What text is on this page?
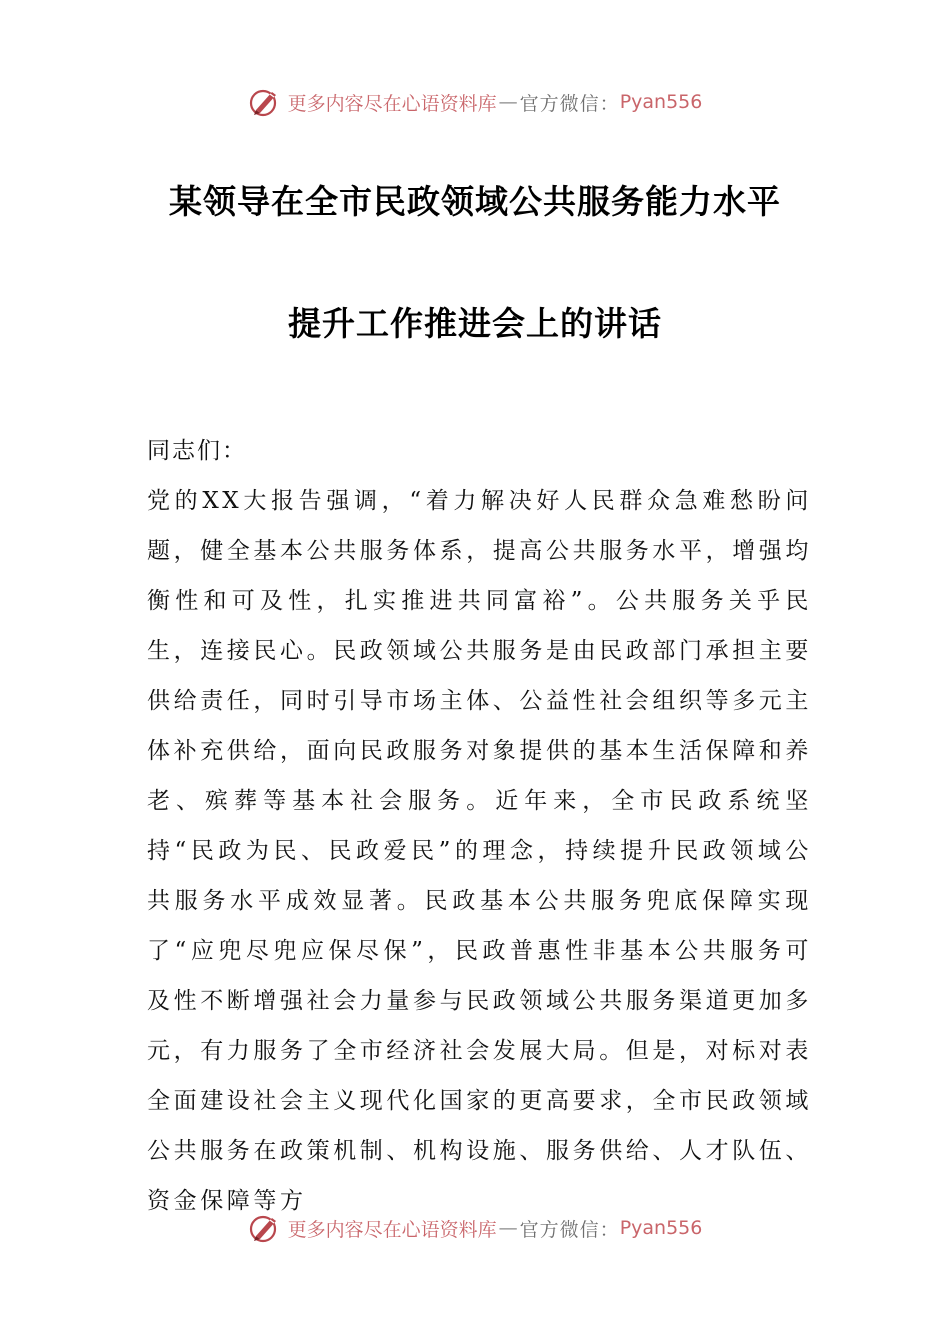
更多内容尽在心语资料库 — 官方微信： Pyan556
某领导在全市民政领域公共服务能力水平
提升工作推进会上的讲话
同志们：

党的XX大报告强调，“着力解决好人民群众急难愁盼问题，健全基本公共服务体系，提高公共服务水平，增强均衡性和可及性，扎实推进共同富裕”。公共服务关乎民生，连接民心。民政领域公共服务是由民政部门承担主要供给责任，同时引导市场主体、公益性社会组织等多元主体补充供给，面向民政服务对象提供的基本生活保障和养老、殡葬等基本社会服务。近年来，全市民政系统坚持“民政为民、民政爱民”的理念，持续提升民政领域公共服务水平成效显著。民政基本公共服务兜底保障实现了“应兜尽兜应保尽保”，民政普惠性非基本公共服务可及性不断增强社会力量参与民政领域公共服务渠道更加多元，有力服务了全市经济社会发展大局。但是，对标对表全面建设社会主义现代化国家的更高要求，全市民政领域公共服务在政策机制、机构设施、服务供给、人才队伍、资金保障等方

更多内容尽在心语资料库 — 官方微信： Pyan556
